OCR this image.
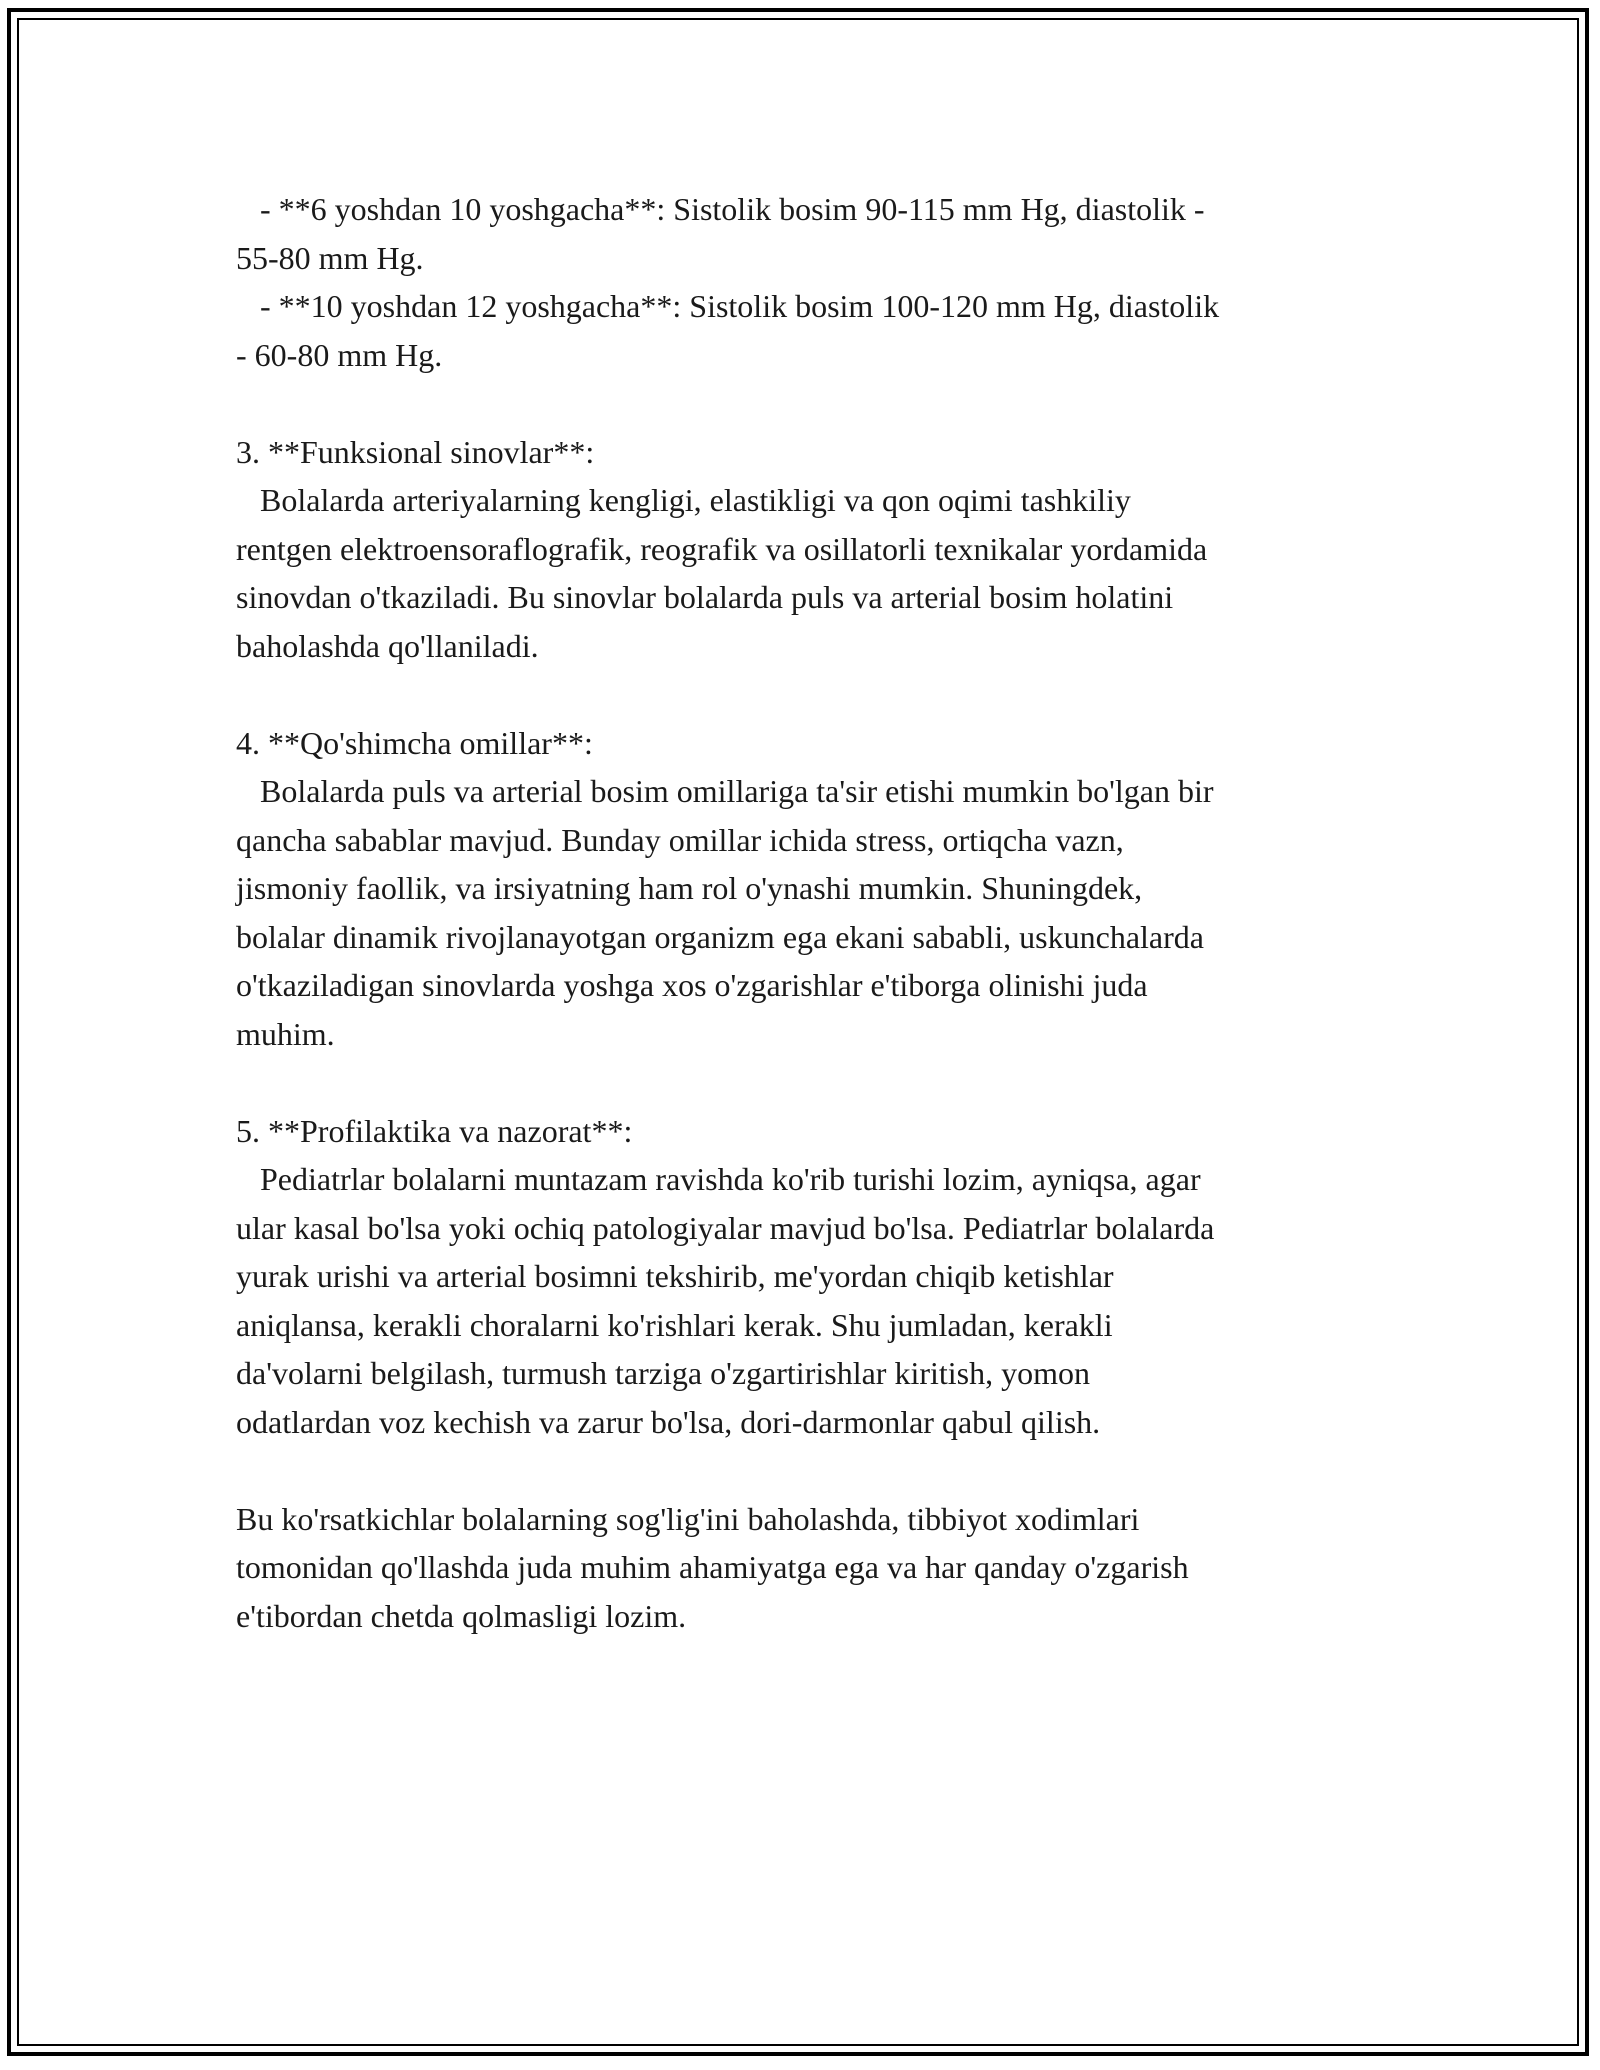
- **6 yoshdan 10 yoshgacha**: Sistolik bosim 90-115 mm Hg, diastolik -
55-80 mm Hg.
- **10 yoshdan 12 yoshgacha**: Sistolik bosim 100-120 mm Hg, diastolik
- 60-80 mm Hg.
3. **Funksional sinovlar**:
Bolalarda arteriyalarning kengligi, elastikligi va qon oqimi tashkiliy
rentgen elektroensoraflografik, reografik va osillatorli texnikalar yordamida
sinovdan o'tkaziladi. Bu sinovlar bolalarda puls va arterial bosim holatini
baholashda qo'llaniladi.
4. **Qo'shimcha omillar**:
Bolalarda puls va arterial bosim omillariga ta'sir etishi mumkin bo'lgan bir
qancha sabablar mavjud. Bunday omillar ichida stress, ortiqcha vazn,
jismoniy faollik, va irsiyatning ham rol o'ynashi mumkin. Shuningdek,
bolalar dinamik rivojlanayotgan organizm ega ekani sababli, uskunchalarda
o'tkaziladigan sinovlarda yoshga xos o'zgarishlar e'tiborga olinishi juda
muhim.
5. **Profilaktika va nazorat**:
Pediatrlar bolalarni muntazam ravishda ko'rib turishi lozim, ayniqsa, agar
ular kasal bo'lsa yoki ochiq patologiyalar mavjud bo'lsa. Pediatrlar bolalarda
yurak urishi va arterial bosimni tekshirib, me'yordan chiqib ketishlar
aniqlansa, kerakli choralarni ko'rishlari kerak. Shu jumladan, kerakli
da'volarni belgilash, turmush tarziga o'zgartirishlar kiritish, yomon
odatlardan voz kechish va zarur bo'lsa, dori-darmonlar qabul qilish.
Bu ko'rsatkichlar bolalarning sog'lig'ini baholashda, tibbiyot xodimlari
tomonidan qo'llashda juda muhim ahamiyatga ega va har qanday o'zgarish
e'tibordan chetda qolmasligi lozim.
